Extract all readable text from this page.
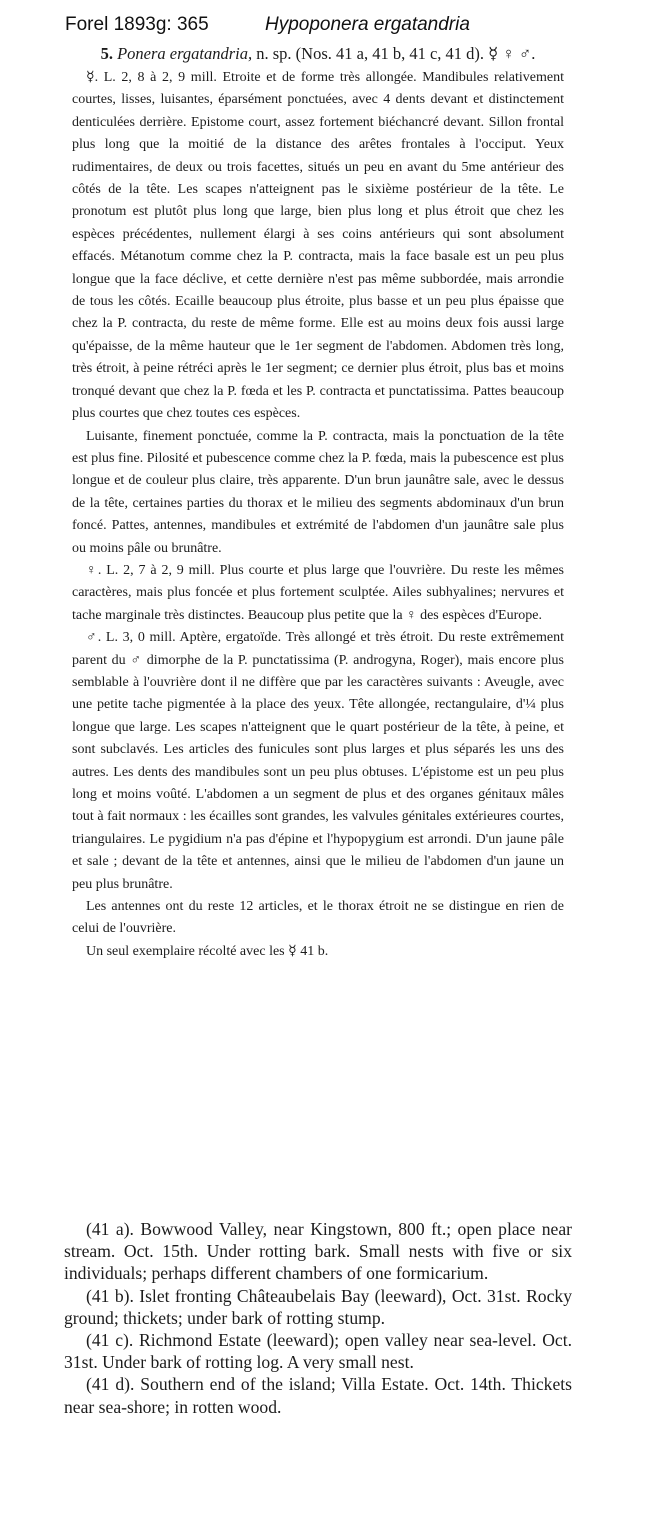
Forel 1893g: 365	Hypoponera ergatandria

5. Ponera ergatandria, n. sp. (Nos. 41 a, 41 b, 41 c, 41 d). ☿ ♀ ♂.

☿. L. 2, 8 à 2, 9 mill. Etroite et de forme très allongée. Mandibules relativement courtes, lisses, luisantes, éparsément ponctuées, avec 4 dents devant et distinctement denticulées derrière. Epistome court, assez fortement biéchancré devant. Sillon frontal plus long que la moitié de la distance des arêtes frontales à l'occiput. Yeux rudimentaires, de deux ou trois facettes, situés un peu en avant du 5me antérieur des côtés de la tête. Les scapes n'atteignent pas le sixième postérieur de la tête. Le pronotum est plutôt plus long que large, bien plus long et plus étroit que chez les espèces précédentes, nullement élargi à ses coins antérieurs qui sont absolument effacés. Métanotum comme chez la P. contracta, mais la face basale est un peu plus longue que la face déclive, et cette dernière n'est pas même subbordée, mais arrondie de tous les côtés. Ecaille beaucoup plus étroite, plus basse et un peu plus épaisse que chez la P. contracta, du reste de même forme. Elle est au moins deux fois aussi large qu'épaisse, de la même hauteur que le 1er segment de l'abdomen. Abdomen très long, très étroit, à peine rétréci après le 1er segment; ce dernier plus étroit, plus bas et moins tronqué devant que chez la P. fœda et les P. contracta et punctatissima. Pattes beaucoup plus courtes que chez toutes ces espèces.

Luisante, finement ponctuée, comme la P. contracta, mais la ponctuation de la tête est plus fine. Pilosité et pubescence comme chez la P. fœda, mais la pubescence est plus longue et de couleur plus claire, très apparente. D'un brun jaunâtre sale, avec le dessus de la tête, certaines parties du thorax et le milieu des segments abdominaux d'un brun foncé. Pattes, antennes, mandibules et extrémité de l'abdomen d'un jaunâtre sale plus ou moins pâle ou brunâtre.

♀. L. 2, 7 à 2, 9 mill. Plus courte et plus large que l'ouvrière. Du reste les mêmes caractères, mais plus foncée et plus fortement sculptée. Ailes subhyalines; nervures et tache marginale très distinctes. Beaucoup plus petite que la ♀ des espèces d'Europe.

♂. L. 3, 0 mill. Aptère, ergatoïde. Très allongé et très étroit. Du reste extrêmement parent du ♂ dimorphe de la P. punctatissima (P. androgyna, Roger), mais encore plus semblable à l'ouvrière dont il ne diffère que par les caractères suivants : Aveugle, avec une petite tache pigmentée à la place des yeux. Tête allongée, rectangulaire, d'¼ plus longue que large. Les scapes n'atteignent que le quart postérieur de la tête, à peine, et sont subclavés. Les articles des funicules sont plus larges et plus séparés les uns des autres. Les dents des mandibules sont un peu plus obtuses. L'épistome est un peu plus long et moins voûté. L'abdomen a un segment de plus et des organes génitaux mâles tout à fait normaux : les écailles sont grandes, les valvules génitales extérieures courtes, triangulaires. Le pygidium n'a pas d'épine et l'hypopygium est arrondi. D'un jaune pâle et sale ; devant de la tête et antennes, ainsi que le milieu de l'abdomen d'un jaune un peu plus brunâtre.

Les antennes ont du reste 12 articles, et le thorax étroit ne se distingue en rien de celui de l'ouvrière.

Un seul exemplaire récolté avec les ☿ 41 b.

(41 a). Bowwood Valley, near Kingstown, 800 ft.; open place near stream. Oct. 15th. Under rotting bark. Small nests with five or six individuals; perhaps different chambers of one formicarium.

(41 b). Islet fronting Châteaubelais Bay (leeward), Oct. 31st. Rocky ground; thickets; under bark of rotting stump.

(41 c). Richmond Estate (leeward); open valley near sea-level. Oct. 31st. Under bark of rotting log. A very small nest.

(41 d). Southern end of the island; Villa Estate. Oct. 14th. Thickets near sea-shore; in rotten wood.
